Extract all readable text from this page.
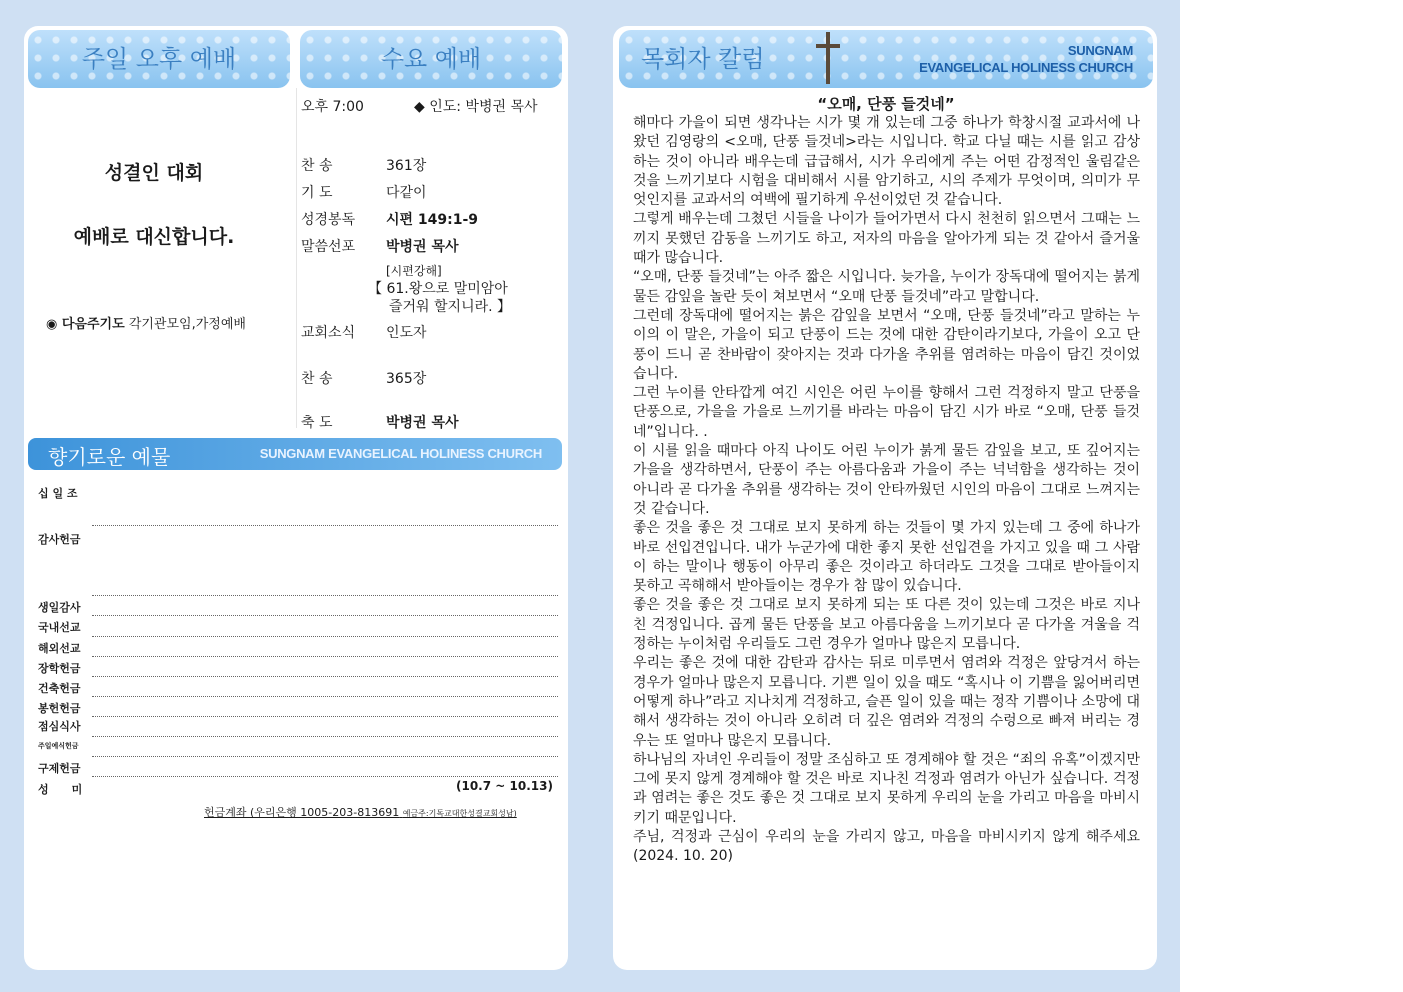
주일 오후 예배
성결인 대회
예배로 대신합니다.
◉ 다음주기도 각기관모임,가정예배
수요 예배
오후 7:00	◆ 인도: 박병권 목사
찬 송	361장
기 도	다같이
성경봉독 시편 149:1-9
말씀선포 박병권 목사
[시편강해]
【 61.왕으로 말미암아
즐거워 할지니라. 】
교회소식 인도자
찬 송	365장
축 도	박병권 목사
향기로운 예물	SUNGNAM EVANGELICAL HOLINESS CHURCH
십 일 조
감사헌금
생일감사
국내선교
해외선교
장학헌금
건축헌금
봉헌헌금
점심식사
주일예식헌금
구제헌금
성      미	(10.7 ~ 10.13)
헌금계좌 (우리은행 1005-203-813691 예금주:기독교대한성결교회성남)
목회자 칼럼	SUNGNAM
EVANGELICAL HOLINESS CHURCH
“오매, 단풍 들것네”

해마다 가을이 되면 생각나는 시가 몇 개 있는데 그중 하나가 학창시절 교과서에 나왔던 김영랑의 <오매, 단풍 들것네>라는 시입니다. 학교 다닐 때는 시를 읽고 감상하는 것이 아니라 배우는데 급급해서, 시가 우리에게 주는 어떤 감정적인 울림같은 것을 느끼기보다 시험을 대비해서 시를 암기하고, 시의 주제가 무엇이며, 의미가 무엇인지를 교과서의 여백에 필기하게 우선이었던 것 같습니다.

그렇게 배우는데 그쳤던 시들을 나이가 들어가면서 다시 천천히 읽으면서 그때는 느끼지 못했던 감동을 느끼기도 하고, 저자의 마음을 알아가게 되는 것 같아서 즐거울 때가 많습니다.

“오매, 단풍 들것네”는 아주 짧은 시입니다. 늦가을, 누이가 장독대에 떨어지는 붉게 물든 감잎을 놀란 듯이 쳐보면서 “오매 단풍 들것네”라고 말합니다.

그런데 장독대에 떨어지는 붉은 감잎을 보면서 “오매, 단풍 들것네”라고 말하는 누이의 이 말은, 가을이 되고 단풍이 드는 것에 대한 감탄이라기보다, 가을이 오고 단풍이 드니 곧 찬바람이 잦아지는 것과 다가올 추위를 염려하는 마음이 담긴 것이었습니다.

그런 누이를 안타깝게 여긴 시인은 어린 누이를 향해서 그런 걱정하지 말고 단풍을 단풍으로, 가을을 가을로 느끼기를 바라는 마음이 담긴 시가 바로 “오매, 단풍 들것네”입니다. .

이 시를 읽을 때마다 아직 나이도 어린 누이가 붉게 물든 감잎을 보고, 또 깊어지는 가을을 생각하면서, 단풍이 주는 아름다움과 가을이 주는 넉넉함을 생각하는 것이 아니라 곧 다가올 추위를 생각하는 것이 안타까웠던 시인의 마음이 그대로 느껴지는 것 같습니다.

좋은 것을 좋은 것 그대로 보지 못하게 하는 것들이 몇 가지 있는데 그 중에 하나가 바로 선입견입니다. 내가 누군가에 대한 좋지 못한 선입견을 가지고 있을 때 그 사람이 하는 말이나 행동이 아무리 좋은 것이라고 하더라도 그것을 그대로 받아들이지 못하고 곡해해서 받아들이는 경우가 참 많이 있습니다.

좋은 것을 좋은 것 그대로 보지 못하게 되는 또 다른 것이 있는데 그것은 바로 지나친 걱정입니다. 곱게 물든 단풍을 보고 아름다움을 느끼기보다 곧 다가올 겨울을 걱정하는 누이처럼 우리들도 그런 경우가 얼마나 많은지 모릅니다.

우리는 좋은 것에 대한 감탄과 감사는 뒤로 미루면서 염려와 걱정은 앞당겨서 하는 경우가 얼마나 많은지 모릅니다. 기쁜 일이 있을 때도 “혹시나 이 기쁨을 잃어버리면 어떻게 하나”라고 지나치게 걱정하고, 슬픈 일이 있을 때는 정작 기쁨이나 소망에 대해서 생각하는 것이 아니라 오히려 더 깊은 염려와 걱정의 수렁으로 빠져 버리는 경우는 또 얼마나 많은지 모릅니다.

하나님의 자녀인 우리들이 정말 조심하고 또 경계해야 할 것은 “죄의 유혹”이겠지만 그에 못지 않게 경계해야 할 것은 바로 지나친 걱정과 염려가 아닌가 싶습니다. 걱정과 염려는 좋은 것도 좋은 것 그대로 보지 못하게 우리의 눈을 가리고 마음을 마비시키기 때문입니다.

주님, 걱정과 근심이 우리의 눈을 가리지 않고, 마음을 마비시키지 않게 해주세요 (2024. 10. 20)
